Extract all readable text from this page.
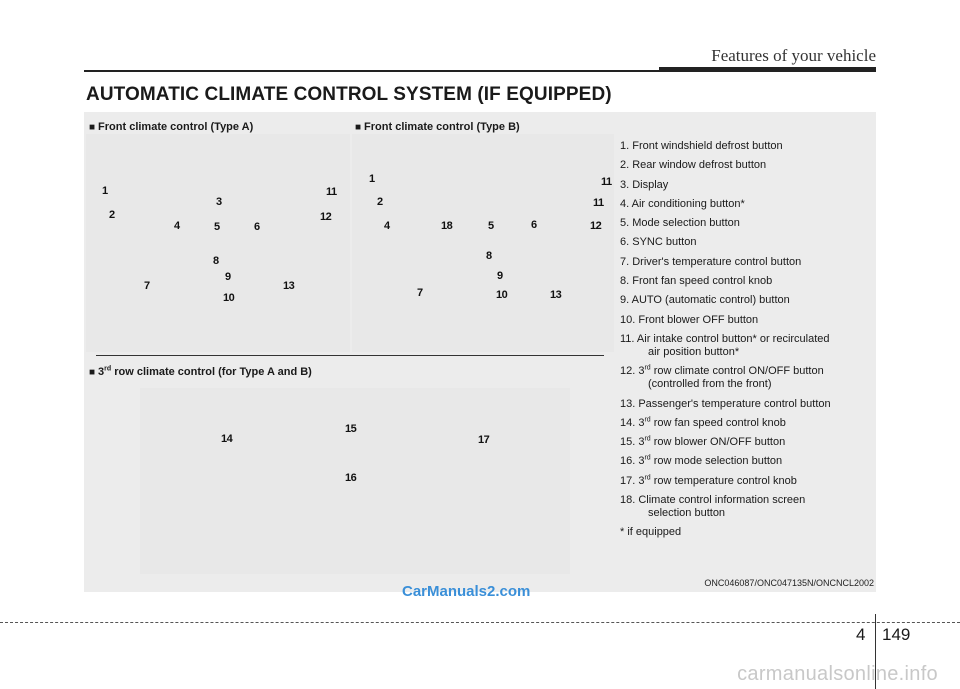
Features of your vehicle
AUTOMATIC CLIMATE CONTROL SYSTEM (IF EQUIPPED)
■ Front climate control (Type A)	■ Front climate control (Type B)
■ 3rd row climate control (for Type A and B)
1
2
3
4	5	6
7
8
9
10
11
12
13
1
2
4	18	5	6
11
11
12
8
9
7	10	13
14
15
16
17
1. Front windshield defrost button
2. Rear window defrost button
3. Display
4. Air conditioning button*
5. Mode selection button
6. SYNC button
7. Driver's temperature control button
8. Front fan speed control knob
9. AUTO (automatic control) button
10. Front blower OFF button
11. Air intake control button* or recirculated
air position button*
12. 3rd row climate control ON/OFF button
(controlled from the front)
13. Passenger's temperature control button
14. 3rd row fan speed control knob
15. 3rd row blower ON/OFF button
16. 3rd row mode selection button
17. 3rd row temperature control knob
18. Climate control information screen
selection button
* if equipped
ONC046087/ONC047135N/ONCNCL2002
CarManuals2.com
4 149
carmanualsonline.info
